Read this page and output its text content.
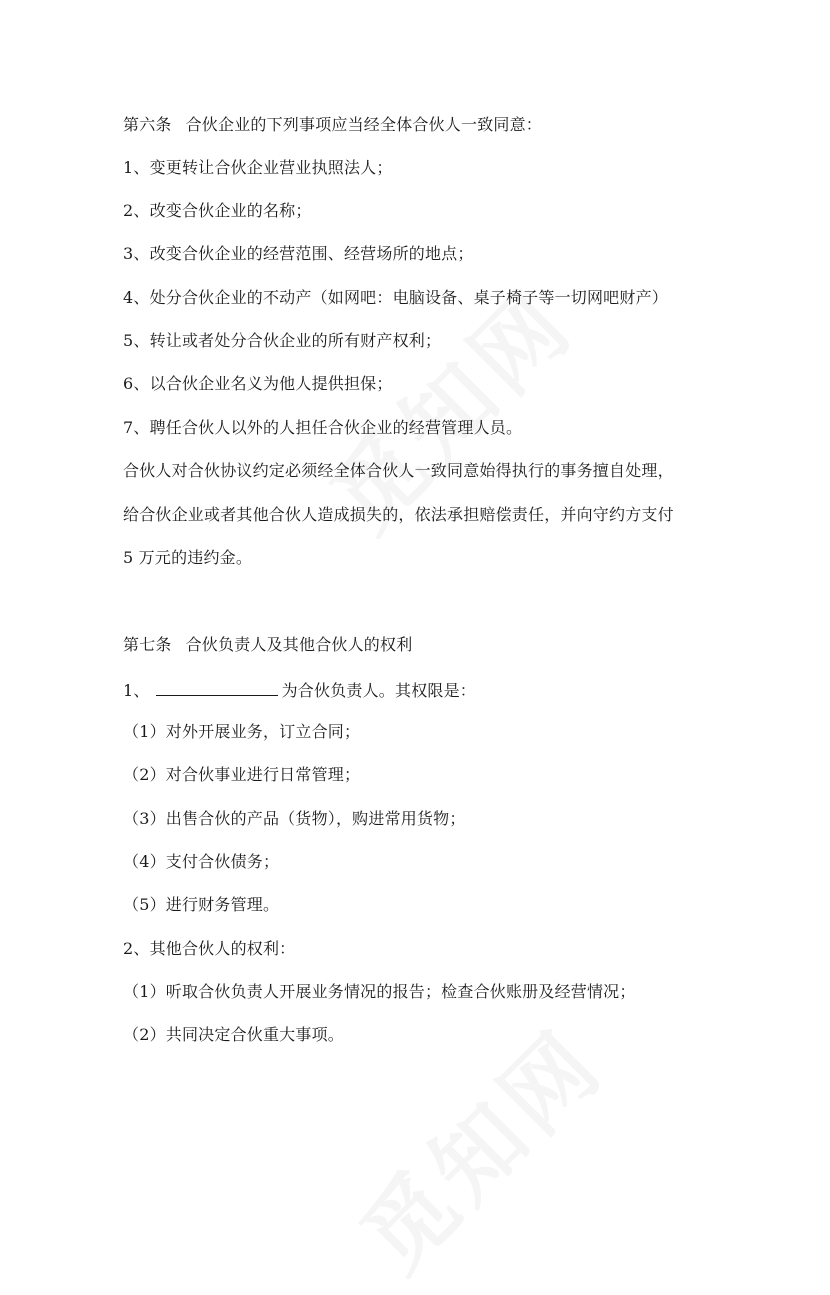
第六条 合伙企业的下列事项应当经全体合伙人一致同意：
1、变更转让合伙企业营业执照法人；
2、改变合伙企业的名称；
3、改变合伙企业的经营范围、经营场所的地点；
4、处分合伙企业的不动产（如网吧：电脑设备、桌子椅子等一切网吧财产）
5、转让或者处分合伙企业的所有财产权利；
6、以合伙企业名义为他人提供担保；
7、聘任合伙人以外的人担任合伙企业的经营管理人员。
合伙人对合伙协议约定必须经全体合伙人一致同意始得执行的事务擅自处理，
给合伙企业或者其他合伙人造成损失的，依法承担赔偿责任，并向守约方支付
5 万元的违约金。
第七条 合伙负责人及其他合伙人的权利
1、	为合伙负责人。其权限是：
（1）对外开展业务，订立合同；
（2）对合伙事业进行日常管理；
（3）出售合伙的产品（货物），购进常用货物；
（4）支付合伙债务；
（5）进行财务管理。
2、其他合伙人的权利：
（1）听取合伙负责人开展业务情况的报告；检查合伙账册及经营情况；
（2）共同决定合伙重大事项。
